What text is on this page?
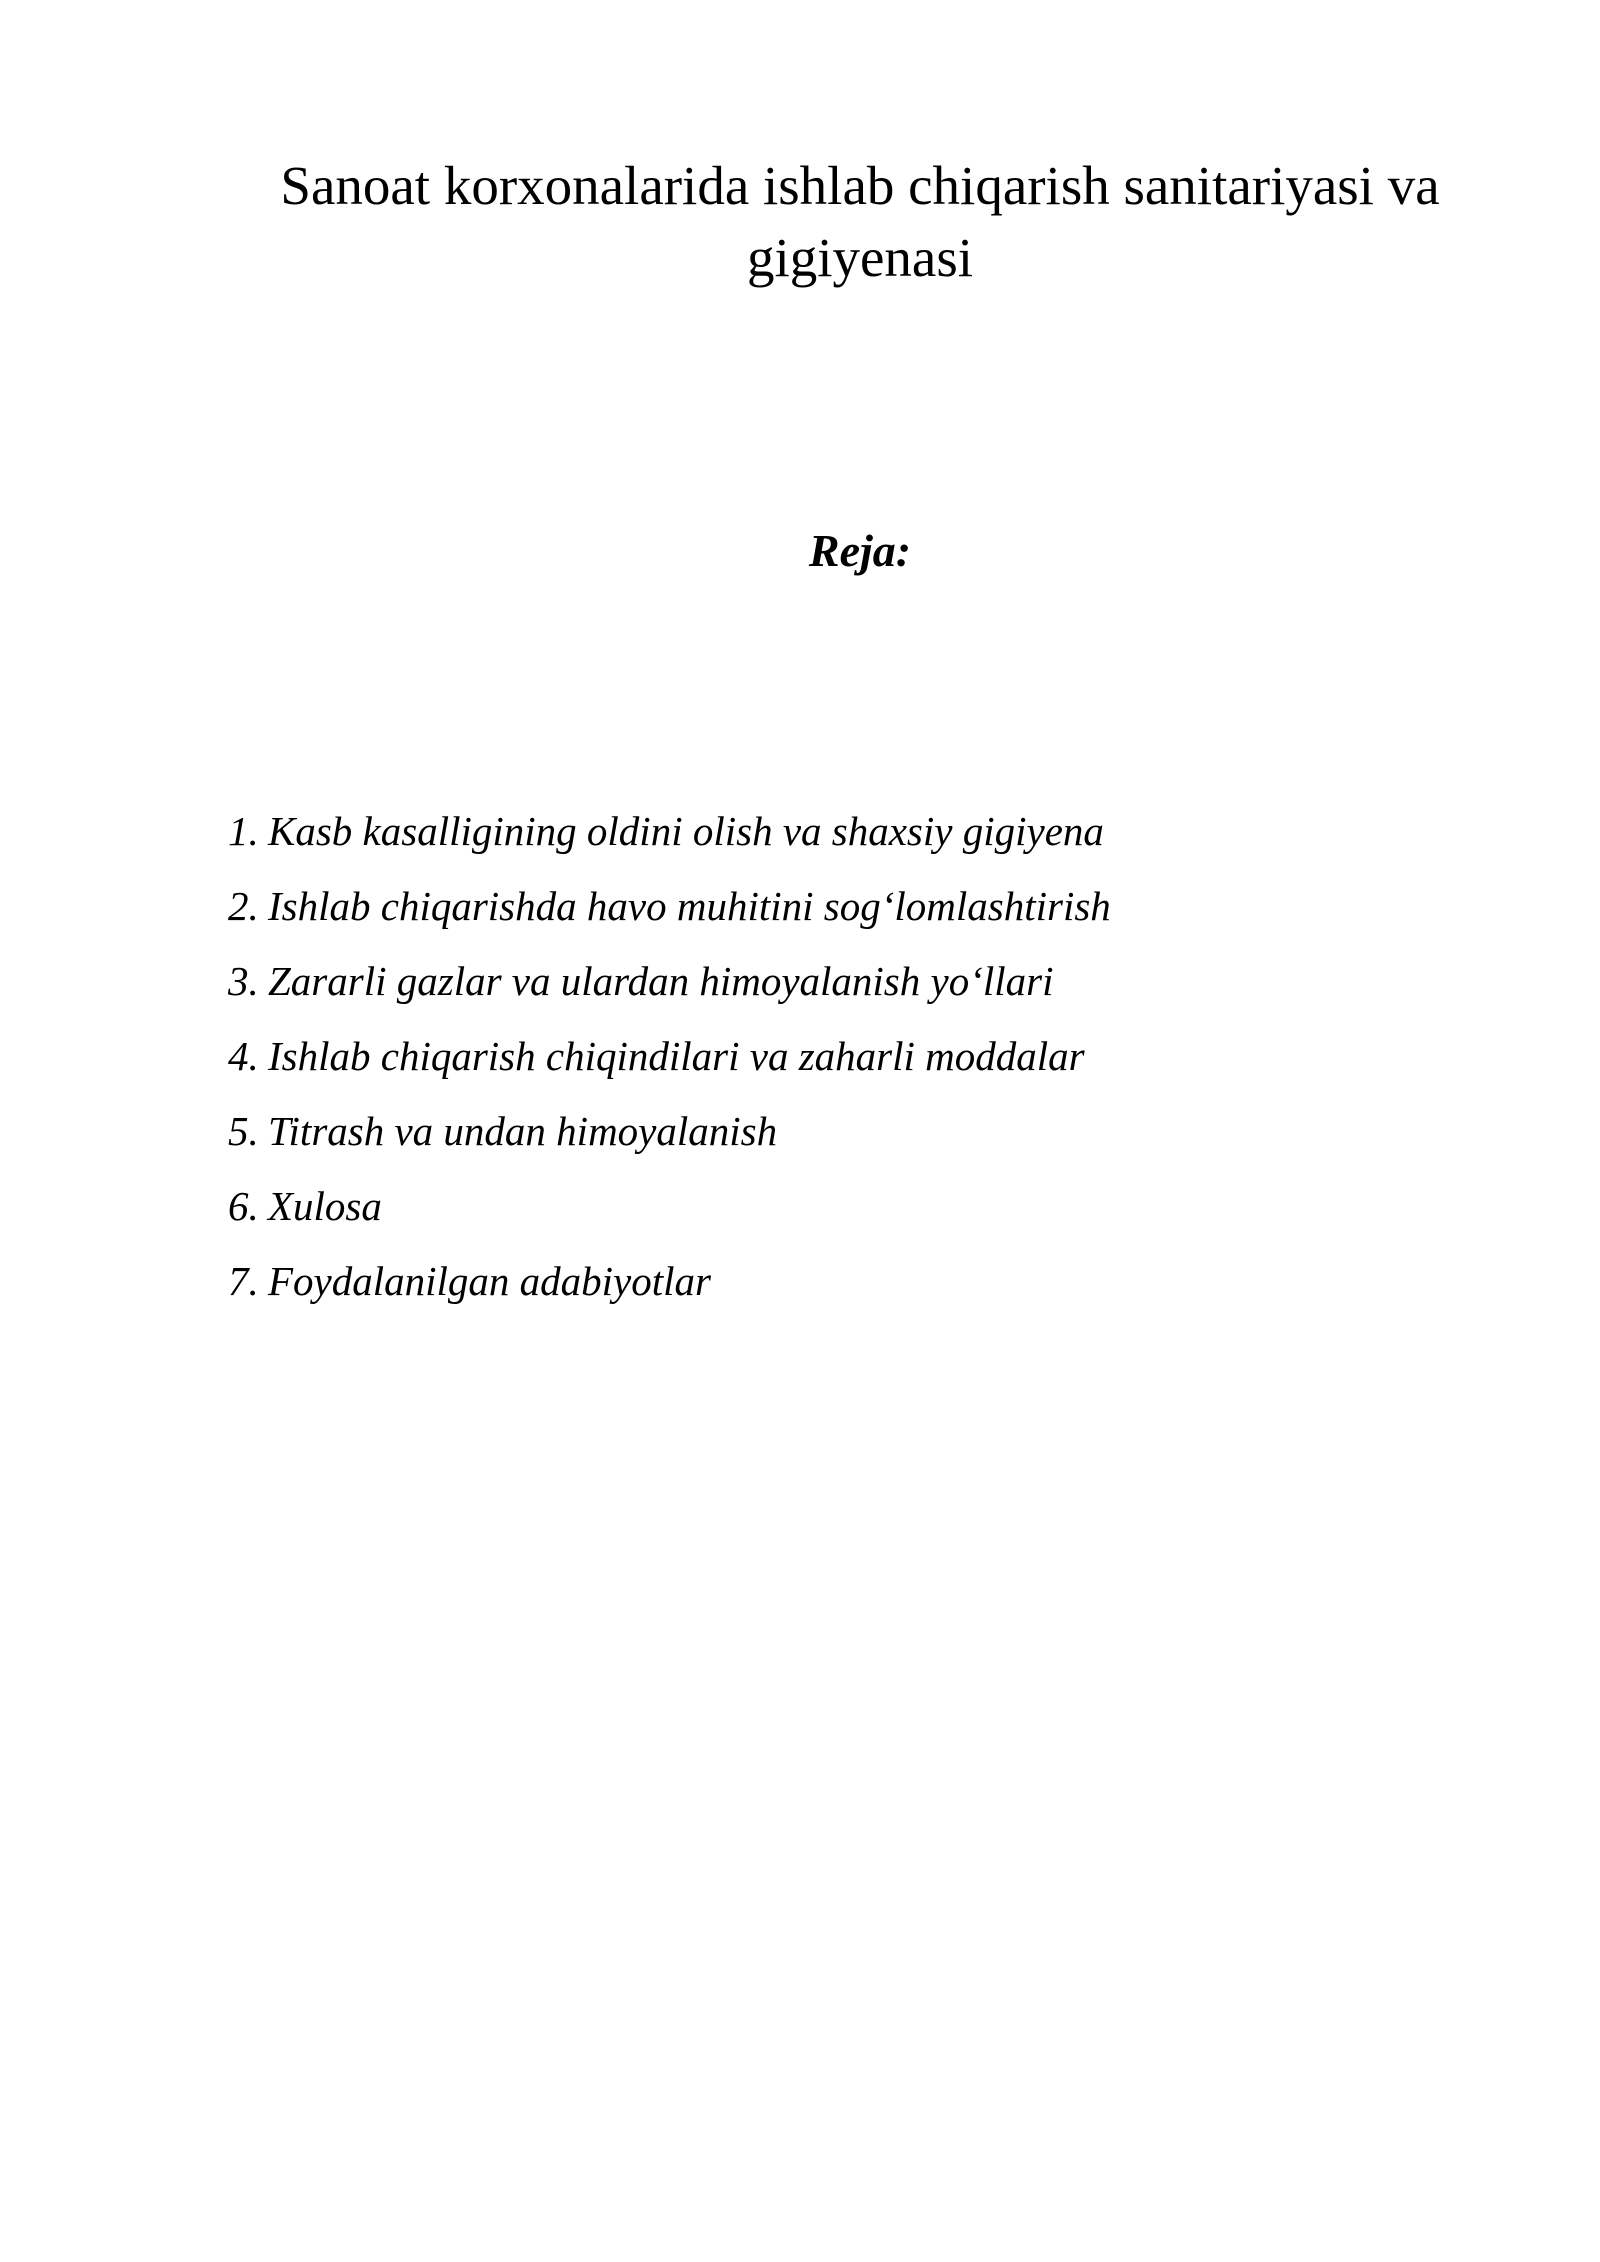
Sanoat korxonalarida ishlab chiqarish sanitariyasi va
gigiyenasi
Reja:
1. Kasb kasalligining oldini olish va shaxsiy gigiyena
2. Ishlab chiqarishda havo muhitini sog‘lomlashtirish
3. Zararli gazlar va ulardan himoyalanish yo‘llari
4. Ishlab chiqarish chiqindilari va zaharli moddalar
5. Titrash va undan himoyalanish
6. Xulosa
7. Foydalanilgan adabiyotlar
